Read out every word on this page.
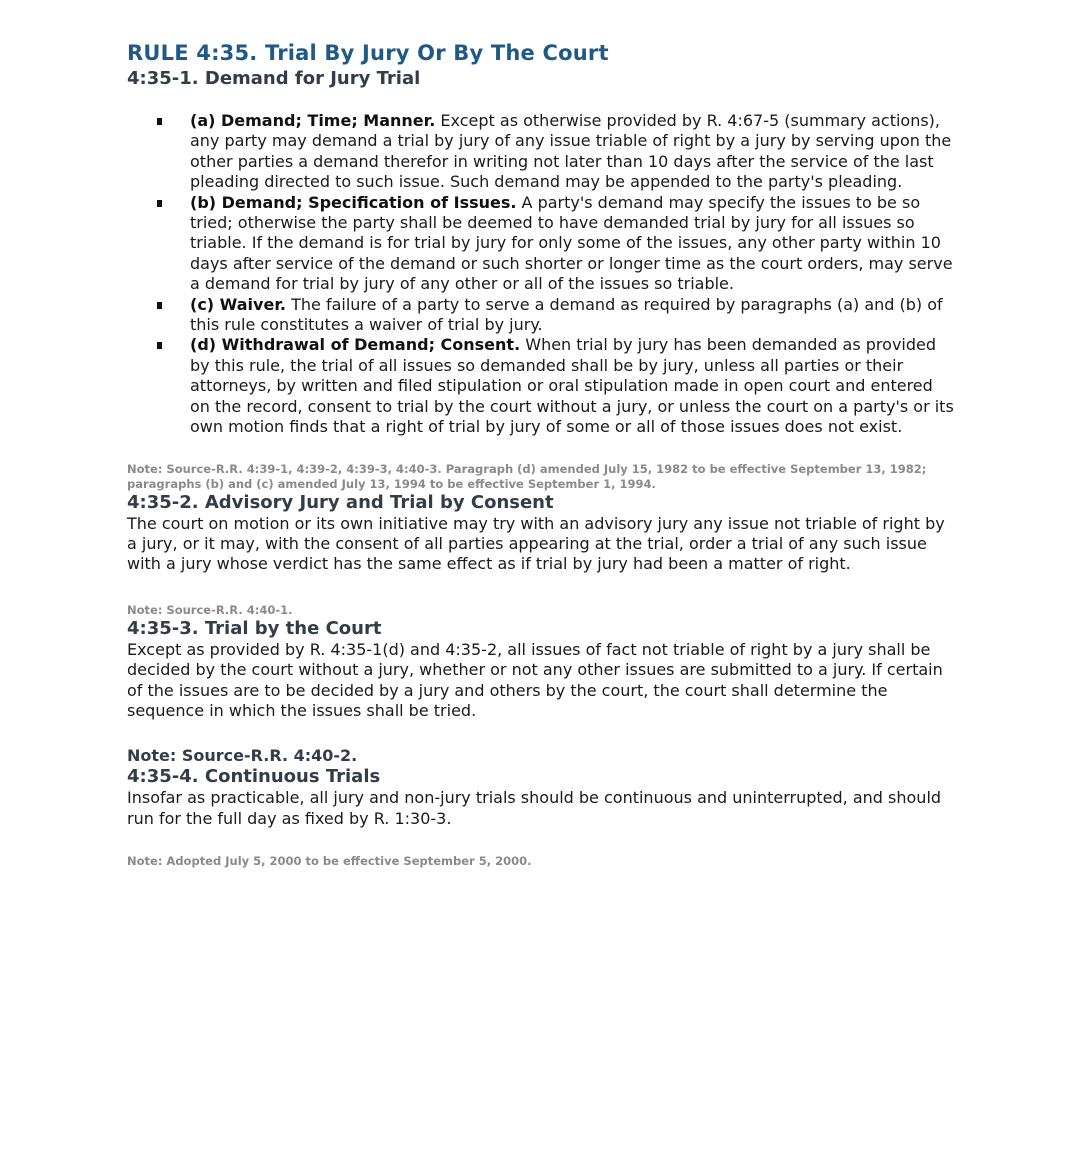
RULE 4:35. Trial By Jury Or By The Court
4:35-1. Demand for Jury Trial
(a) Demand; Time; Manner. Except as otherwise provided by R. 4:67-5 (summary actions), any party may demand a trial by jury of any issue triable of right by a jury by serving upon the other parties a demand therefor in writing not later than 10 days after the service of the last pleading directed to such issue. Such demand may be appended to the party's pleading.
(b) Demand; Specification of Issues. A party's demand may specify the issues to be so tried; otherwise the party shall be deemed to have demanded trial by jury for all issues so triable. If the demand is for trial by jury for only some of the issues, any other party within 10 days after service of the demand or such shorter or longer time as the court orders, may serve a demand for trial by jury of any other or all of the issues so triable.
(c) Waiver. The failure of a party to serve a demand as required by paragraphs (a) and (b) of this rule constitutes a waiver of trial by jury.
(d) Withdrawal of Demand; Consent. When trial by jury has been demanded as provided by this rule, the trial of all issues so demanded shall be by jury, unless all parties or their attorneys, by written and filed stipulation or oral stipulation made in open court and entered on the record, consent to trial by the court without a jury, or unless the court on a party's or its own motion finds that a right of trial by jury of some or all of those issues does not exist.
Note: Source-R.R. 4:39-1, 4:39-2, 4:39-3, 4:40-3. Paragraph (d) amended July 15, 1982 to be effective September 13, 1982; paragraphs (b) and (c) amended July 13, 1994 to be effective September 1, 1994.
4:35-2. Advisory Jury and Trial by Consent

The court on motion or its own initiative may try with an advisory jury any issue not triable of right by a jury, or it may, with the consent of all parties appearing at the trial, order a trial of any such issue with a jury whose verdict has the same effect as if trial by jury had been a matter of right.

Note: Source-R.R. 4:40-1.
4:35-3. Trial by the Court

Except as provided by R. 4:35-1(d) and 4:35-2, all issues of fact not triable of right by a jury shall be decided by the court without a jury, whether or not any other issues are submitted to a jury. If certain of the issues are to be decided by a jury and others by the court, the court shall determine the sequence in which the issues shall be tried.

Note: Source-R.R. 4:40-2.
4:35-4. Continuous Trials

Insofar as practicable, all jury and non-jury trials should be continuous and uninterrupted, and should run for the full day as fixed by R. 1:30-3.

Note: Adopted July 5, 2000 to be effective September 5, 2000.
